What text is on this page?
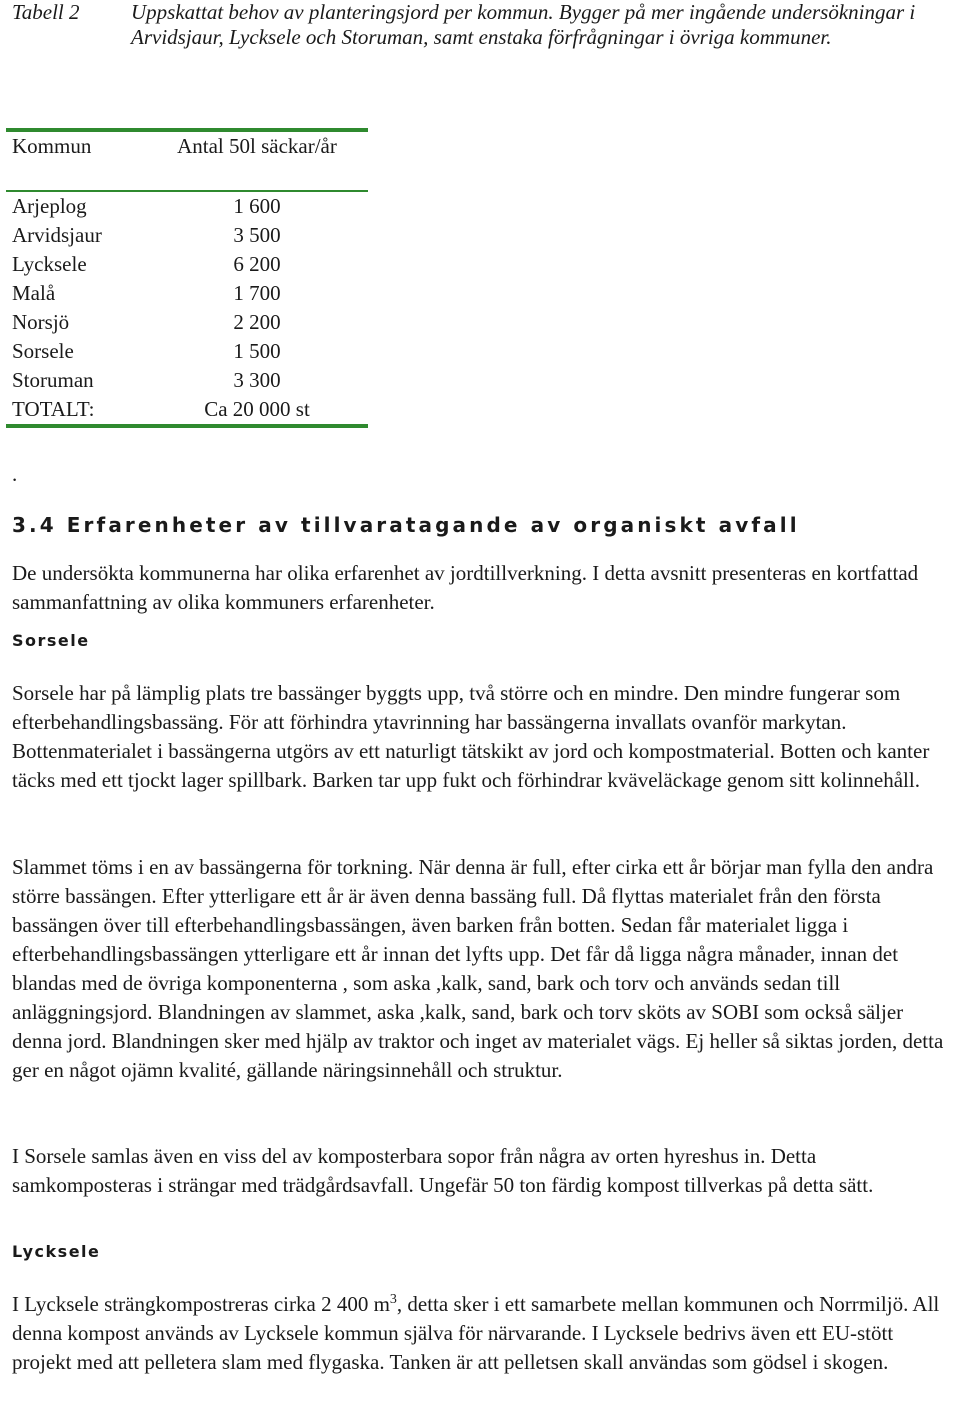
Tabell 2 Uppskattat behov av planteringsjord per kommun. Bygger på mer ingående undersökningar i Arvidsjaur, Lycksele och Storuman, samt enstaka förfrågningar i övriga kommuner.
Kommun	Antal 50l säckar/år
Arjeplog	1 600
Arvidsjaur	3 500
Lycksele	6 200
Malå	1 700
Norsjö	2 200
Sorsele	1 500
Storuman	3 300
TOTALT:	Ca 20 000 st
.
3.4 Erfarenheter av tillvaratagande av organiskt avfall

De undersökta kommunerna har olika erfarenhet av jordtillverkning. I detta avsnitt presenteras en kortfattad sammanfattning av olika kommuners erfarenheter.

Sorsele

Sorsele har på lämplig plats tre bassänger byggts upp, två större och en mindre. Den mindre fungerar som efterbehandlingsbassäng. För att förhindra ytavrinning har bassängerna invallats ovanför markytan. Bottenmaterialet i bassängerna utgörs av ett naturligt tätskikt av jord och kompostmaterial. Botten och kanter täcks med ett tjockt lager spillbark. Barken tar upp fukt och förhindrar kväveläckage genom sitt kolinnehåll.

Slammet töms i en av bassängerna för torkning. När denna är full, efter cirka ett år börjar man fylla den andra större bassängen. Efter ytterligare ett år är även denna bassäng full. Då flyttas materialet från den första bassängen över till efterbehandlingsbassängen, även barken från botten. Sedan får materialet ligga i efterbehandlingsbassängen ytterligare ett år innan det lyfts upp. Det får då ligga några månader, innan det blandas med de övriga komponenterna , som aska ,kalk, sand, bark och torv och används sedan till anläggningsjord. Blandningen av slammet, aska ,kalk, sand, bark och torv sköts av SOBI som också säljer denna jord. Blandningen sker med hjälp av traktor och inget av materialet vägs. Ej heller så siktas jorden, detta ger en något ojämn kvalité, gällande näringsinnehåll och struktur.

I Sorsele samlas även en viss del av komposterbara sopor från några av orten hyreshus in. Detta samkomposteras i strängar med trädgårdsavfall. Ungefär 50 ton färdig kompost tillverkas på detta sätt.

Lycksele

I Lycksele strängkompostreras cirka 2 400 $m^3$, detta sker i ett samarbete mellan kommunen och Norrmiljö. All denna kompost används av Lycksele kommun själva för närvarande. I Lycksele bedrivs även ett EU-stött projekt med att pelletera slam med flygaska. Tanken är att pelletsen skall användas som gödsel i skogen.
